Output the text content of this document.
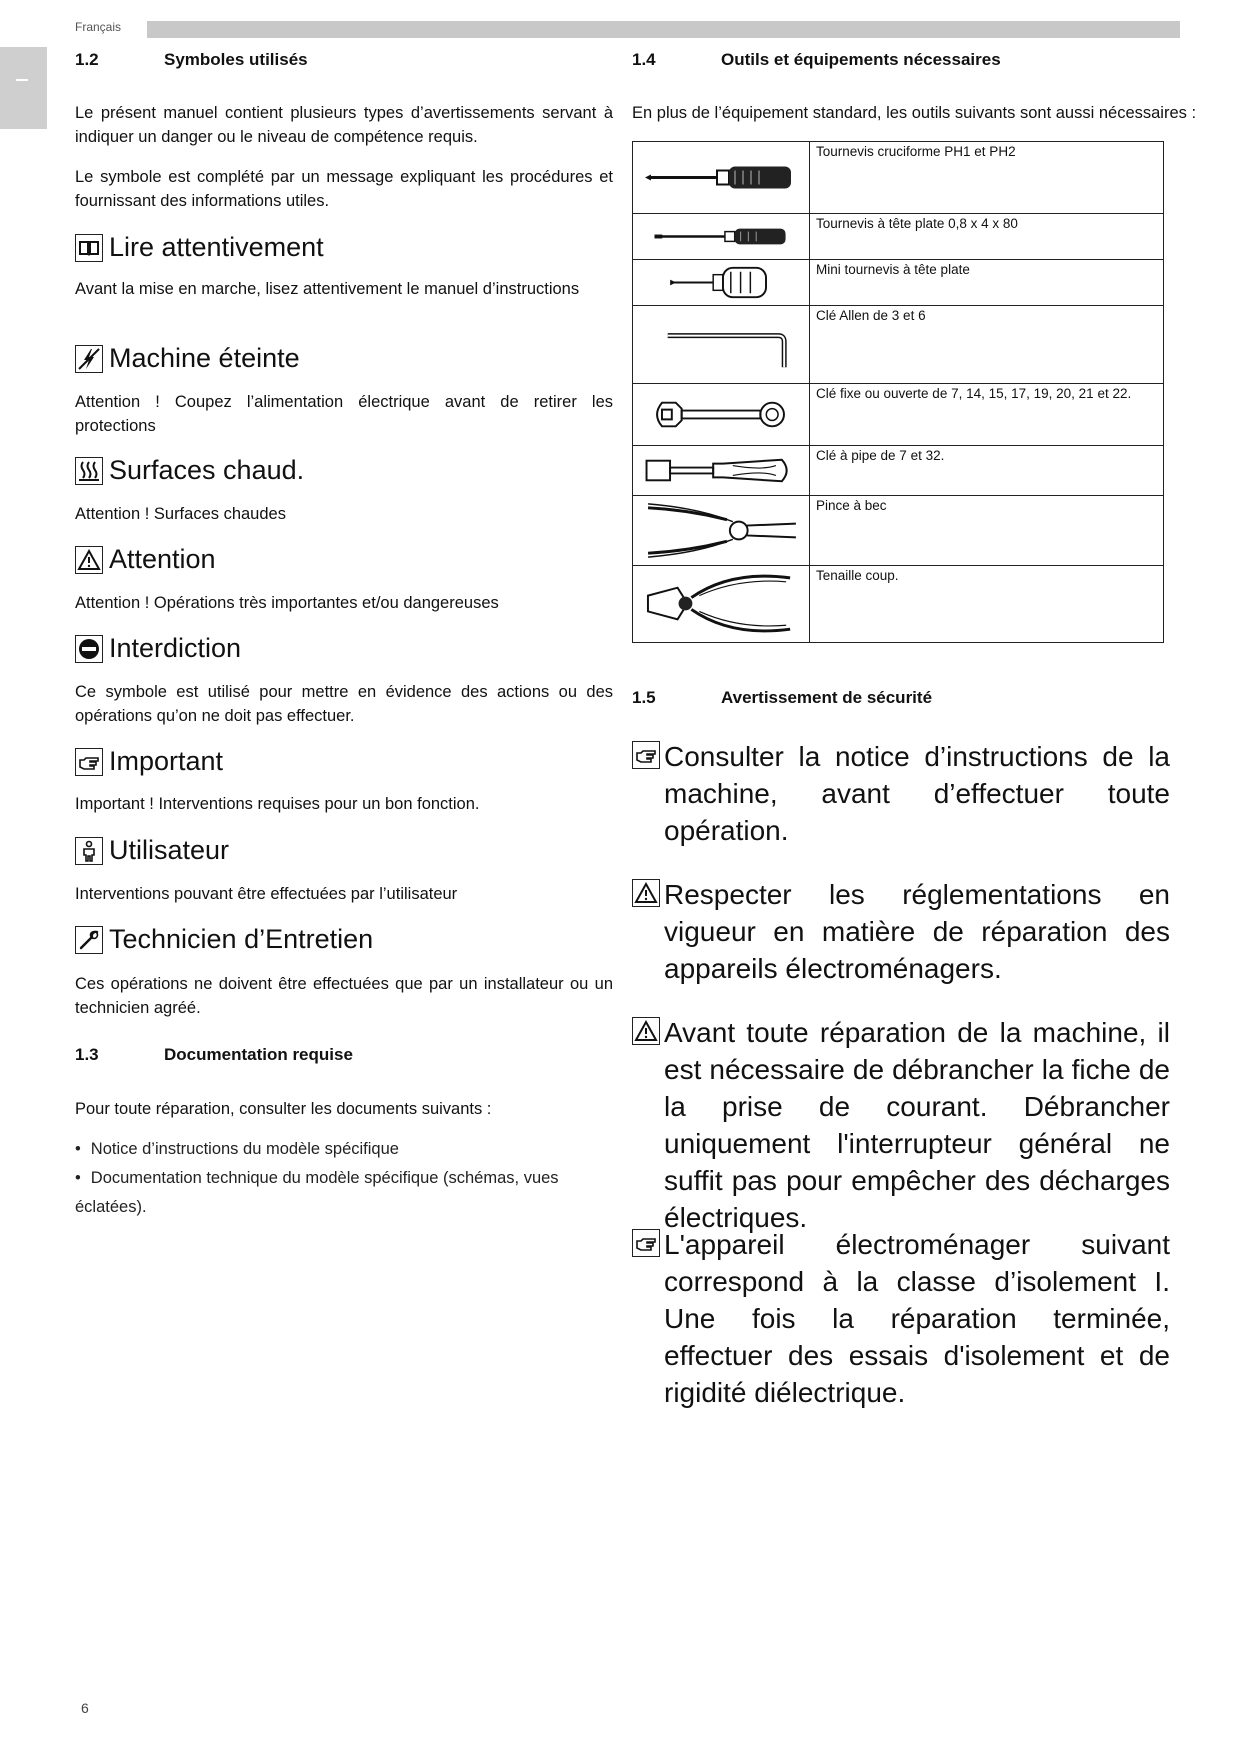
Français
1.2	Symboles utilisés
Le présent manuel contient plusieurs types d’avertissements servant à indiquer un danger ou le niveau de compétence requis.
Le symbole est complété par un message expliquant les procédures et fournissant des informations utiles.
Lire attentivement
Avant la mise en marche, lisez attentivement le manuel d’instructions
Machine éteinte
Attention ! Coupez l’alimentation électrique avant de retirer les protections
Surfaces chaud.
Attention ! Surfaces chaudes
Attention
Attention ! Opérations très importantes et/ou dangereuses
Interdiction
Ce symbole est utilisé pour mettre en évidence des actions ou des opérations qu’on ne doit pas effectuer.
Important
Important ! Interventions requises pour un bon fonction.
Utilisateur
Interventions pouvant être effectuées par l’utilisateur
Technicien d’Entretien
Ces opérations ne doivent être effectuées que par un installateur ou un technicien agréé.
1.3	Documentation requise
Pour toute réparation, consulter les documents suivants :
• Notice d’instructions du modèle spécifique
• Documentation technique du modèle spécifique (schémas, vues éclatées).
1.4	Outils et équipements nécessaires
En plus de l’équipement standard, les outils suivants sont aussi nécessaires :
Tournevis cruciforme PH1 et PH2
Tournevis à tête plate 0,8 x 4 x 80
Mini tournevis à tête plate
Clé Allen de 3 et 6
Clé fixe ou ouverte de 7, 14, 15, 17, 19, 20, 21 et 22.
Clé à pipe de 7 et 32.
Pince à bec
Tenaille coup.
1.5	Avertissement de sécurité
Consulter la notice d’instructions de la machine, avant d’effectuer toute opération.
Respecter les réglementations en vigueur en matière de réparation des appareils électroménagers.
Avant toute réparation de la machine, il est nécessaire de débrancher la fiche de la prise de courant. Débrancher uniquement l'interrupteur général ne suffit pas pour empêcher des décharges électriques.
L'appareil électroménager suivant correspond à la classe d’isolement I. Une fois la réparation terminée, effectuer des essais d'isolement et de rigidité diélectrique.
6
